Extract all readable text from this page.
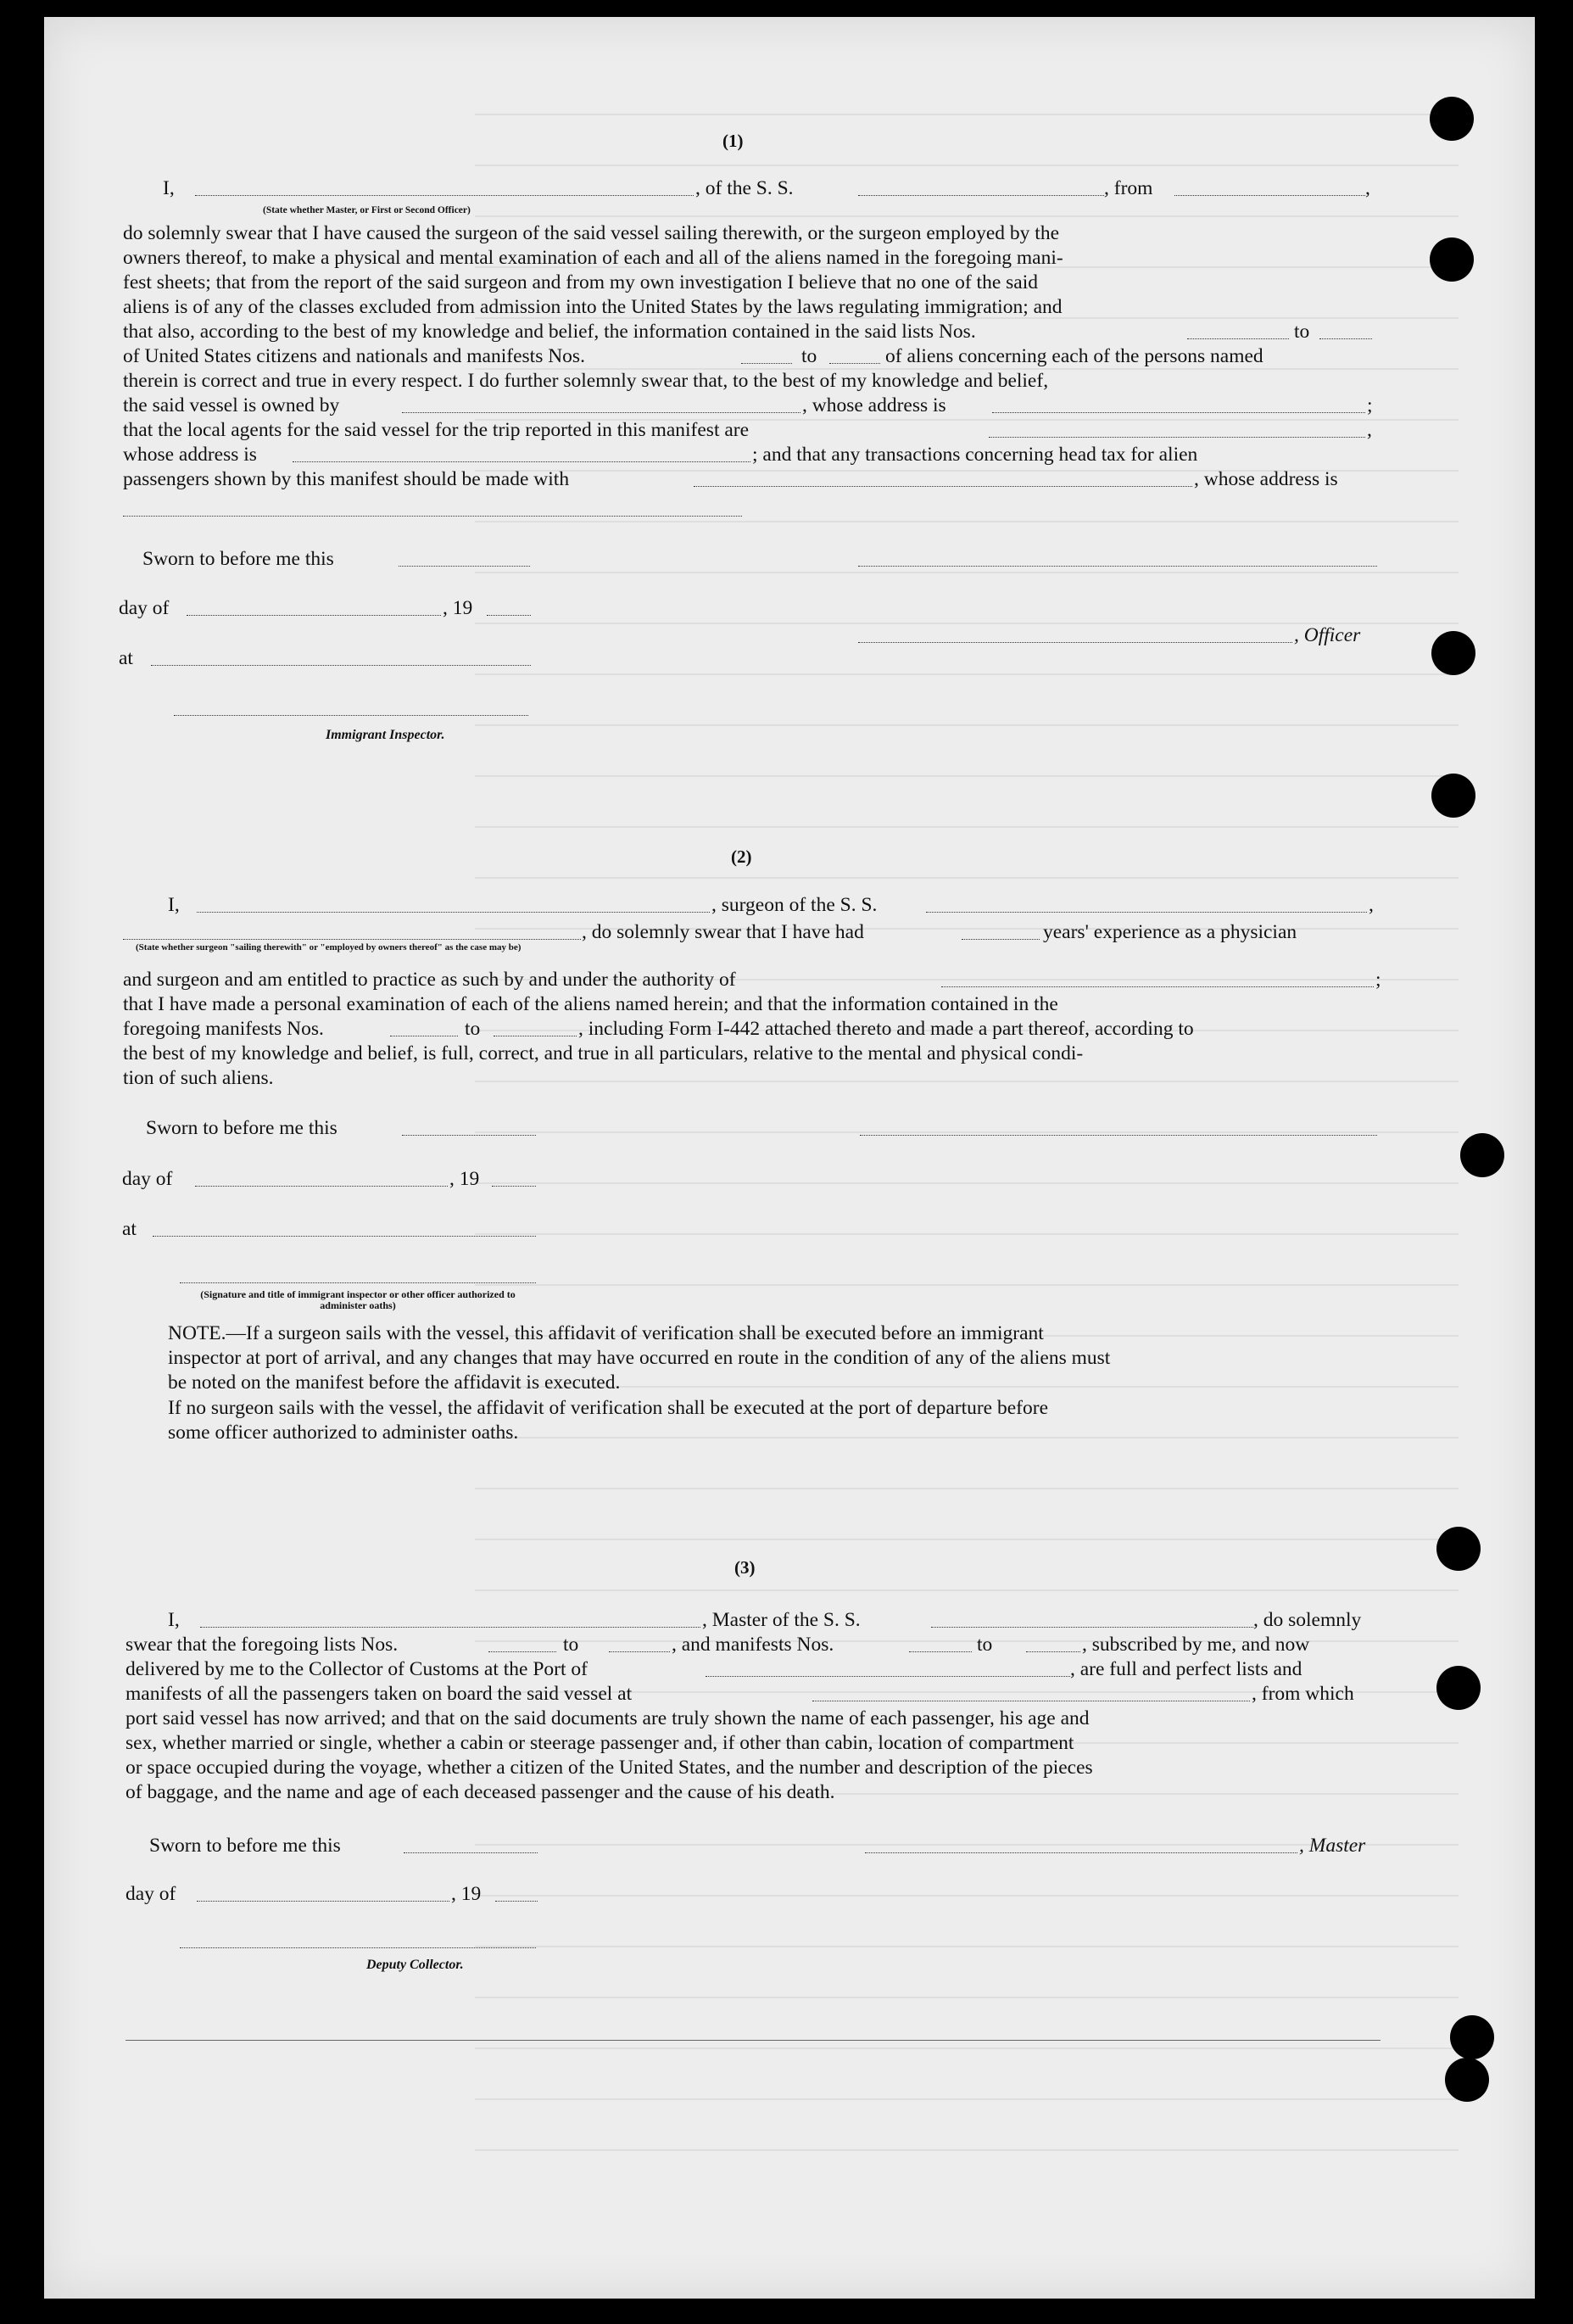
(1)
I,
(State whether Master, or First or Second Officer)
, of the S. S.	, from	,
do solemnly swear that I have caused the surgeon of the said vessel sailing therewith, or the surgeon employed by the
owners thereof, to make a physical and mental examination of each and all of the aliens named in the foregoing mani-
fest sheets; that from the report of the said surgeon and from my own investigation I believe that no one of the said
aliens is of any of the classes excluded from admission into the United States by the laws regulating immigration; and
that also, according to the best of my knowledge and belief, the information contained in the said lists Nos.	to
of United States citizens and nationals and manifests Nos.	to	of aliens concerning each of the persons named
therein is correct and true in every respect. I do further solemnly swear that, to the best of my knowledge and belief,
the said vessel is owned by	, whose address is	;
that the local agents for the said vessel for the trip reported in this manifest are	,
whose address is	; and that any transactions concerning head tax for alien
passengers shown by this manifest should be made with	, whose address is
Sworn to before me this
day of	, 19
, Officer
at
Immigrant Inspector.
(2)
I,	, surgeon of the S. S.	,
, do solemnly swear that I have had	years' experience as a physician
(State whether surgeon "sailing therewith" or "employed by owners thereof" as the case may be)
and surgeon and am entitled to practice as such by and under the authority of	;
that I have made a personal examination of each of the aliens named herein; and that the information contained in the
foregoing manifests Nos.	to	, including Form I-442 attached thereto and made a part thereof, according to
the best of my knowledge and belief, is full, correct, and true in all particulars, relative to the mental and physical condi-
tion of such aliens.
Sworn to before me this
day of	, 19
at
(Signature and title of immigrant inspector or other officer authorized to administer oaths)
NOTE.—If a surgeon sails with the vessel, this affidavit of verification shall be executed before an immigrant
inspector at port of arrival, and any changes that may have occurred en route in the condition of any of the aliens must
be noted on the manifest before the affidavit is executed.
If no surgeon sails with the vessel, the affidavit of verification shall be executed at the port of departure before
some officer authorized to administer oaths.
(3)
I,	, Master of the S. S.	, do solemnly
swear that the foregoing lists Nos.	to	, and manifests Nos.	to	, subscribed by me, and now
delivered by me to the Collector of Customs at the Port of	, are full and perfect lists and
manifests of all the passengers taken on board the said vessel at	, from which
port said vessel has now arrived; and that on the said documents are truly shown the name of each passenger, his age and
sex, whether married or single, whether a cabin or steerage passenger and, if other than cabin, location of compartment
or space occupied during the voyage, whether a citizen of the United States, and the number and description of the pieces
of baggage, and the name and age of each deceased passenger and the cause of his death.
Sworn to before me this	, Master
day of	, 19
Deputy Collector.
